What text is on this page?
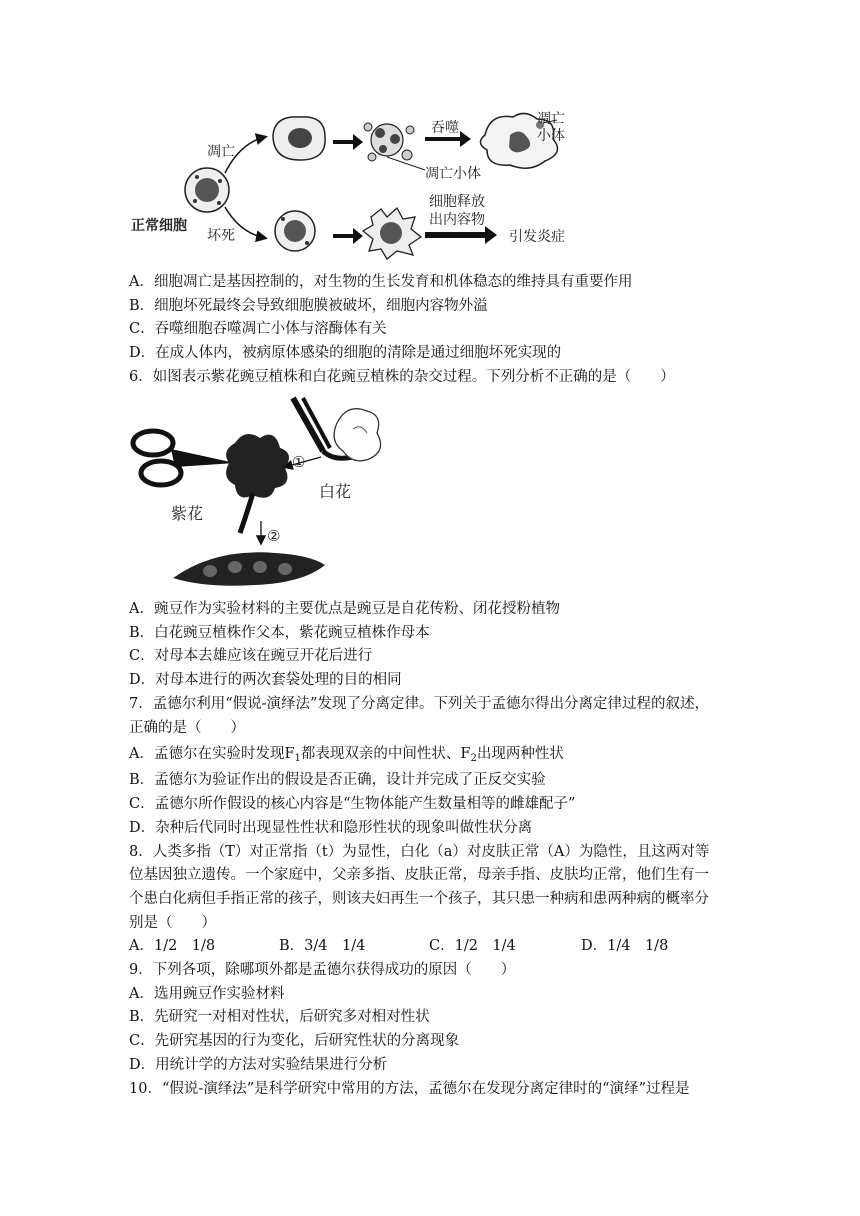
凋亡
正常细胞
坏死
吞噬
凋亡小体
凋亡小体
细胞释放
出内容物
引发炎症
A．细胞凋亡是基因控制的，对生物的生长发育和机体稳态的维持具有重要作用
B．细胞坏死最终会导致细胞膜被破坏，细胞内容物外溢
C．吞噬细胞吞噬凋亡小体与溶酶体有关
D．在成人体内，被病原体感染的细胞的清除是通过细胞坏死实现的
6．如图表示紫花豌豆植株和白花豌豆植株的杂交过程。下列分析不正确的是（　　）
①
白花
紫花
②
A．豌豆作为实验材料的主要优点是豌豆是自花传粉、闭花授粉植物
B．白花豌豆植株作父本，紫花豌豆植株作母本
C．对母本去雄应该在豌豆开花后进行
D．对母本进行的两次套袋处理的目的相同
7．孟德尔利用“假说-演绎法”发现了分离定律。下列关于孟德尔得出分离定律过程的叙述，
正确的是（　　）
A．孟德尔在实验时发现$F_1$都表现双亲的中间性状、$F_2$出现两种性状
B．孟德尔为验证作出的假设是否正确，设计并完成了正反交实验
C．孟德尔所作假设的核心内容是“生物体能产生数量相等的雌雄配子”
D．杂种后代同时出现显性性状和隐形性状的现象叫做性状分离
8．人类多指（T）对正常指（t）为显性，白化（a）对皮肤正常（A）为隐性，且这两对等
位基因独立遗传。一个家庭中，父亲多指、皮肤正常，母亲手指、皮肤均正常，他们生有一
个患白化病但手指正常的孩子，则该夫妇再生一个孩子，其只患一种病和患两种病的概率分
别是（　　）
A．1/2　1/8	B．3/4　1/4	C．1/2　1/4	D．1/4　1/8
9．下列各项，除哪项外都是孟德尔获得成功的原因（　　）
A．选用豌豆作实验材料
B．先研究一对相对性状，后研究多对相对性状
C．先研究基因的行为变化，后研究性状的分离现象
D．用统计学的方法对实验结果进行分析
10．“假说-演绎法”是科学研究中常用的方法，孟德尔在发现分离定律时的“演绎”过程是
